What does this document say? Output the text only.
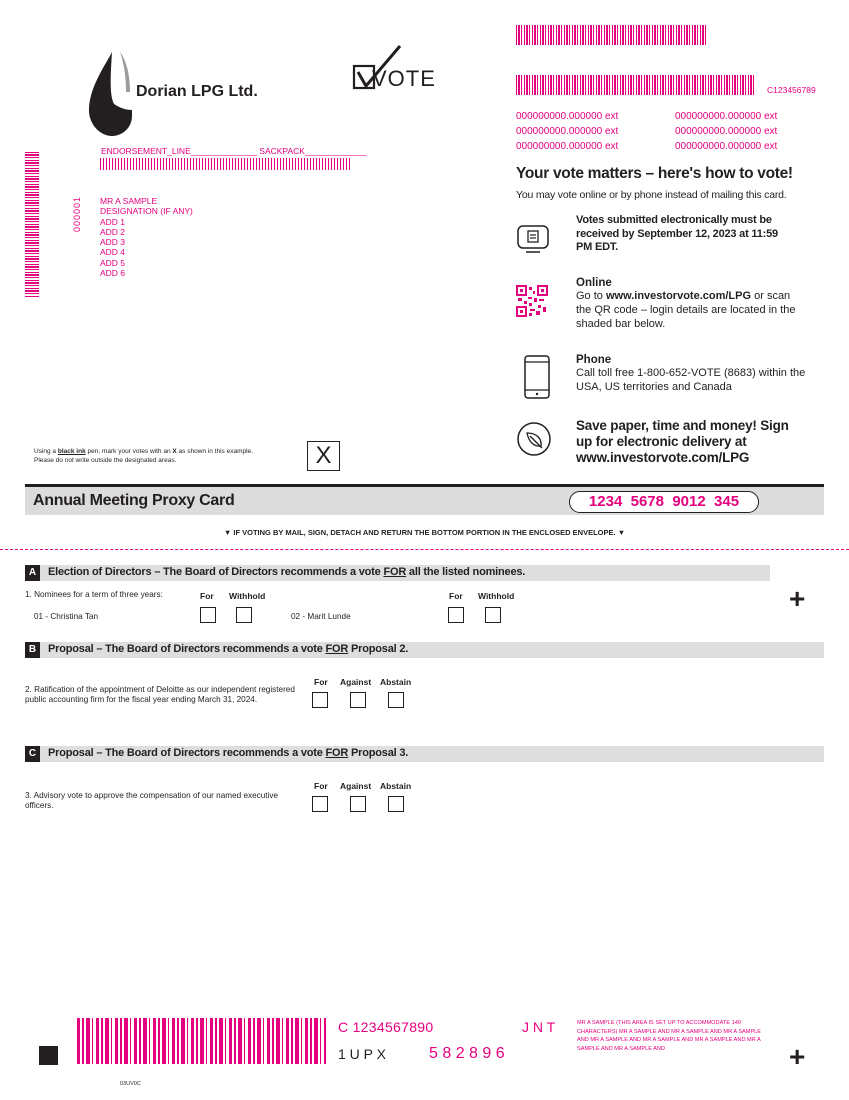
Dorian LPG Ltd.
VOTE	C123456789
000000000.000000 ext	000000000.000000 ext
000000000.000000 ext	000000000.000000 ext
000000000.000000 ext	000000000.000000 ext
ENDORSEMENT_LINE______________ SACKPACK_____________
000001 MR A SAMPLE
DESIGNATION (IF ANY)
ADD 1
ADD 2
ADD 3
ADD 4
ADD 5
ADD 6
Your vote matters – here's how to vote!
You may vote online or by phone instead of mailing this card.
Votes submitted electronically must be received by September 12, 2023 at 11:59 PM EDT.
Online
Go to www.investorvote.com/LPG or scan the QR code – login details are located in the shaded bar below.
Phone
Call toll free 1-800-652-VOTE (8683) within the USA, US territories and Canada
Save paper, time and money! Sign up for electronic delivery at www.investorvote.com/LPG
Using a black ink pen, mark your votes with an X as shown in this example.
Please do not write outside the designated areas.	X
Annual Meeting Proxy Card	1234  5678  9012  345
▼ IF VOTING BY MAIL, SIGN, DETACH AND RETURN THE BOTTOM PORTION IN THE ENCLOSED ENVELOPE. ▼
A	Election of Directors – The Board of Directors recommends a vote FOR all the listed nominees.
1. Nominees for a term of three years:	For Withhold
01 - Christina Tan	02 - Marit Lunde
For Withhold	+
B	Proposal – The Board of Directors recommends a vote FOR Proposal 2.
2. Ratification of the appointment of Deloitte as our independent registered public accounting firm for the fiscal year ending March 31, 2024.
For Against Abstain
C	Proposal – The Board of Directors recommends a vote FOR Proposal 3.
3. Advisory vote to approve the compensation of our named executive officers.
For Against Abstain
C 1234567890	J N T
1 U P X	5 8 2 8 9 6
MR A SAMPLE (THIS AREA IS SET UP TO ACCOMMODATE 140 CHARACTERS) MR A SAMPLE AND MR A SAMPLE AND MR A SAMPLE AND MR A SAMPLE AND MR A SAMPLE AND MR A SAMPLE AND MR A SAMPLE AND MR A SAMPLE AND	+
03UV0C
